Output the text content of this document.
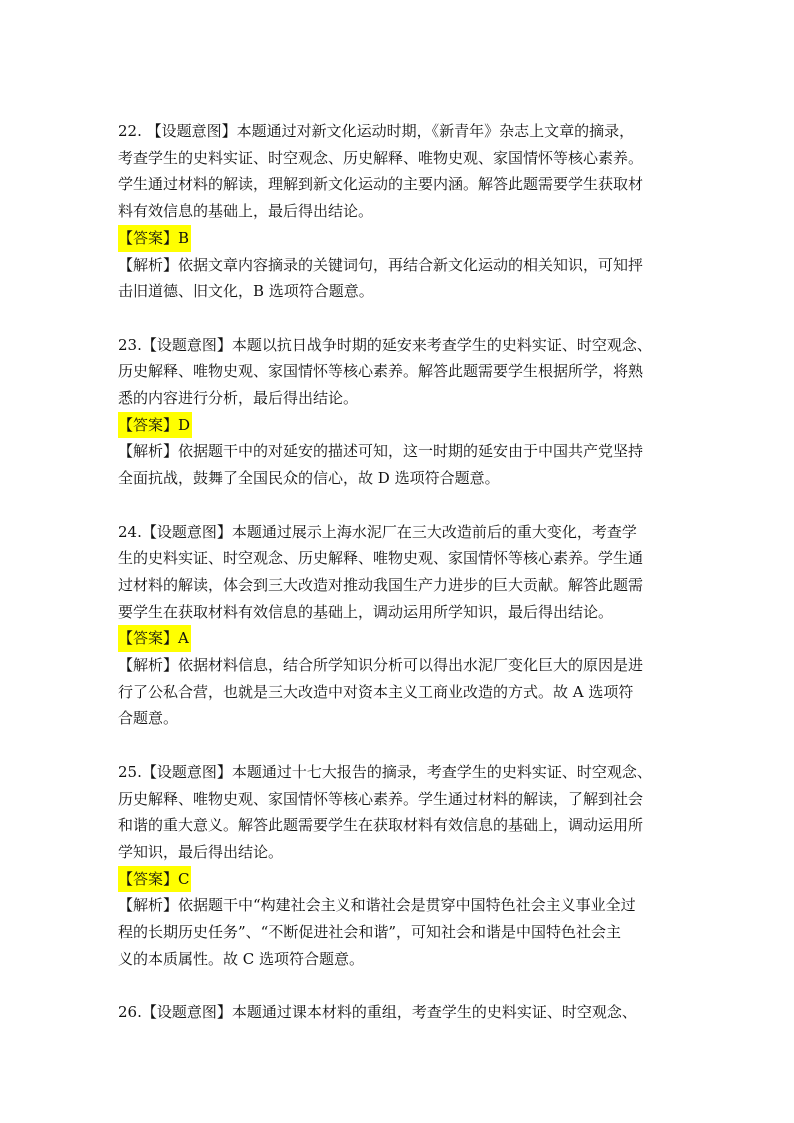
22. 【设题意图】本题通过对新文化运动时期，《新青年》杂志上文章的摘录，
考查学生的史料实证、时空观念、历史解释、唯物史观、家国情怀等核心素养。
学生通过材料的解读，理解到新文化运动的主要内涵。解答此题需要学生获取材
料有效信息的基础上，最后得出结论。
【答案】B
【解析】依据文章内容摘录的关键词句，再结合新文化运动的相关知识，可知抨
击旧道德、旧文化，B 选项符合题意。
23.【设题意图】本题以抗日战争时期的延安来考查学生的史料实证、时空观念、
历史解释、唯物史观、家国情怀等核心素养。解答此题需要学生根据所学，将熟
悉的内容进行分析，最后得出结论。
【答案】D
【解析】依据题干中的对延安的描述可知，这一时期的延安由于中国共产党坚持
全面抗战，鼓舞了全国民众的信心，故 D 选项符合题意。
24.【设题意图】本题通过展示上海水泥厂在三大改造前后的重大变化，考查学
生的史料实证、时空观念、历史解释、唯物史观、家国情怀等核心素养。学生通
过材料的解读，体会到三大改造对推动我国生产力进步的巨大贡献。解答此题需
要学生在获取材料有效信息的基础上，调动运用所学知识，最后得出结论。
【答案】A
【解析】依据材料信息，结合所学知识分析可以得出水泥厂变化巨大的原因是进
行了公私合营，也就是三大改造中对资本主义工商业改造的方式。故 A 选项符
合题意。
25.【设题意图】本题通过十七大报告的摘录，考查学生的史料实证、时空观念、
历史解释、唯物史观、家国情怀等核心素养。学生通过材料的解读，了解到社会
和谐的重大意义。解答此题需要学生在获取材料有效信息的基础上，调动运用所
学知识，最后得出结论。
【答案】C
【解析】依据题干中“构建社会主义和谐社会是贯穿中国特色社会主义事业全过
程的长期历史任务”、“不断促进社会和谐”，可知社会和谐是中国特色社会主
义的本质属性。故 C 选项符合题意。
26.【设题意图】本题通过课本材料的重组，考查学生的史料实证、时空观念、
